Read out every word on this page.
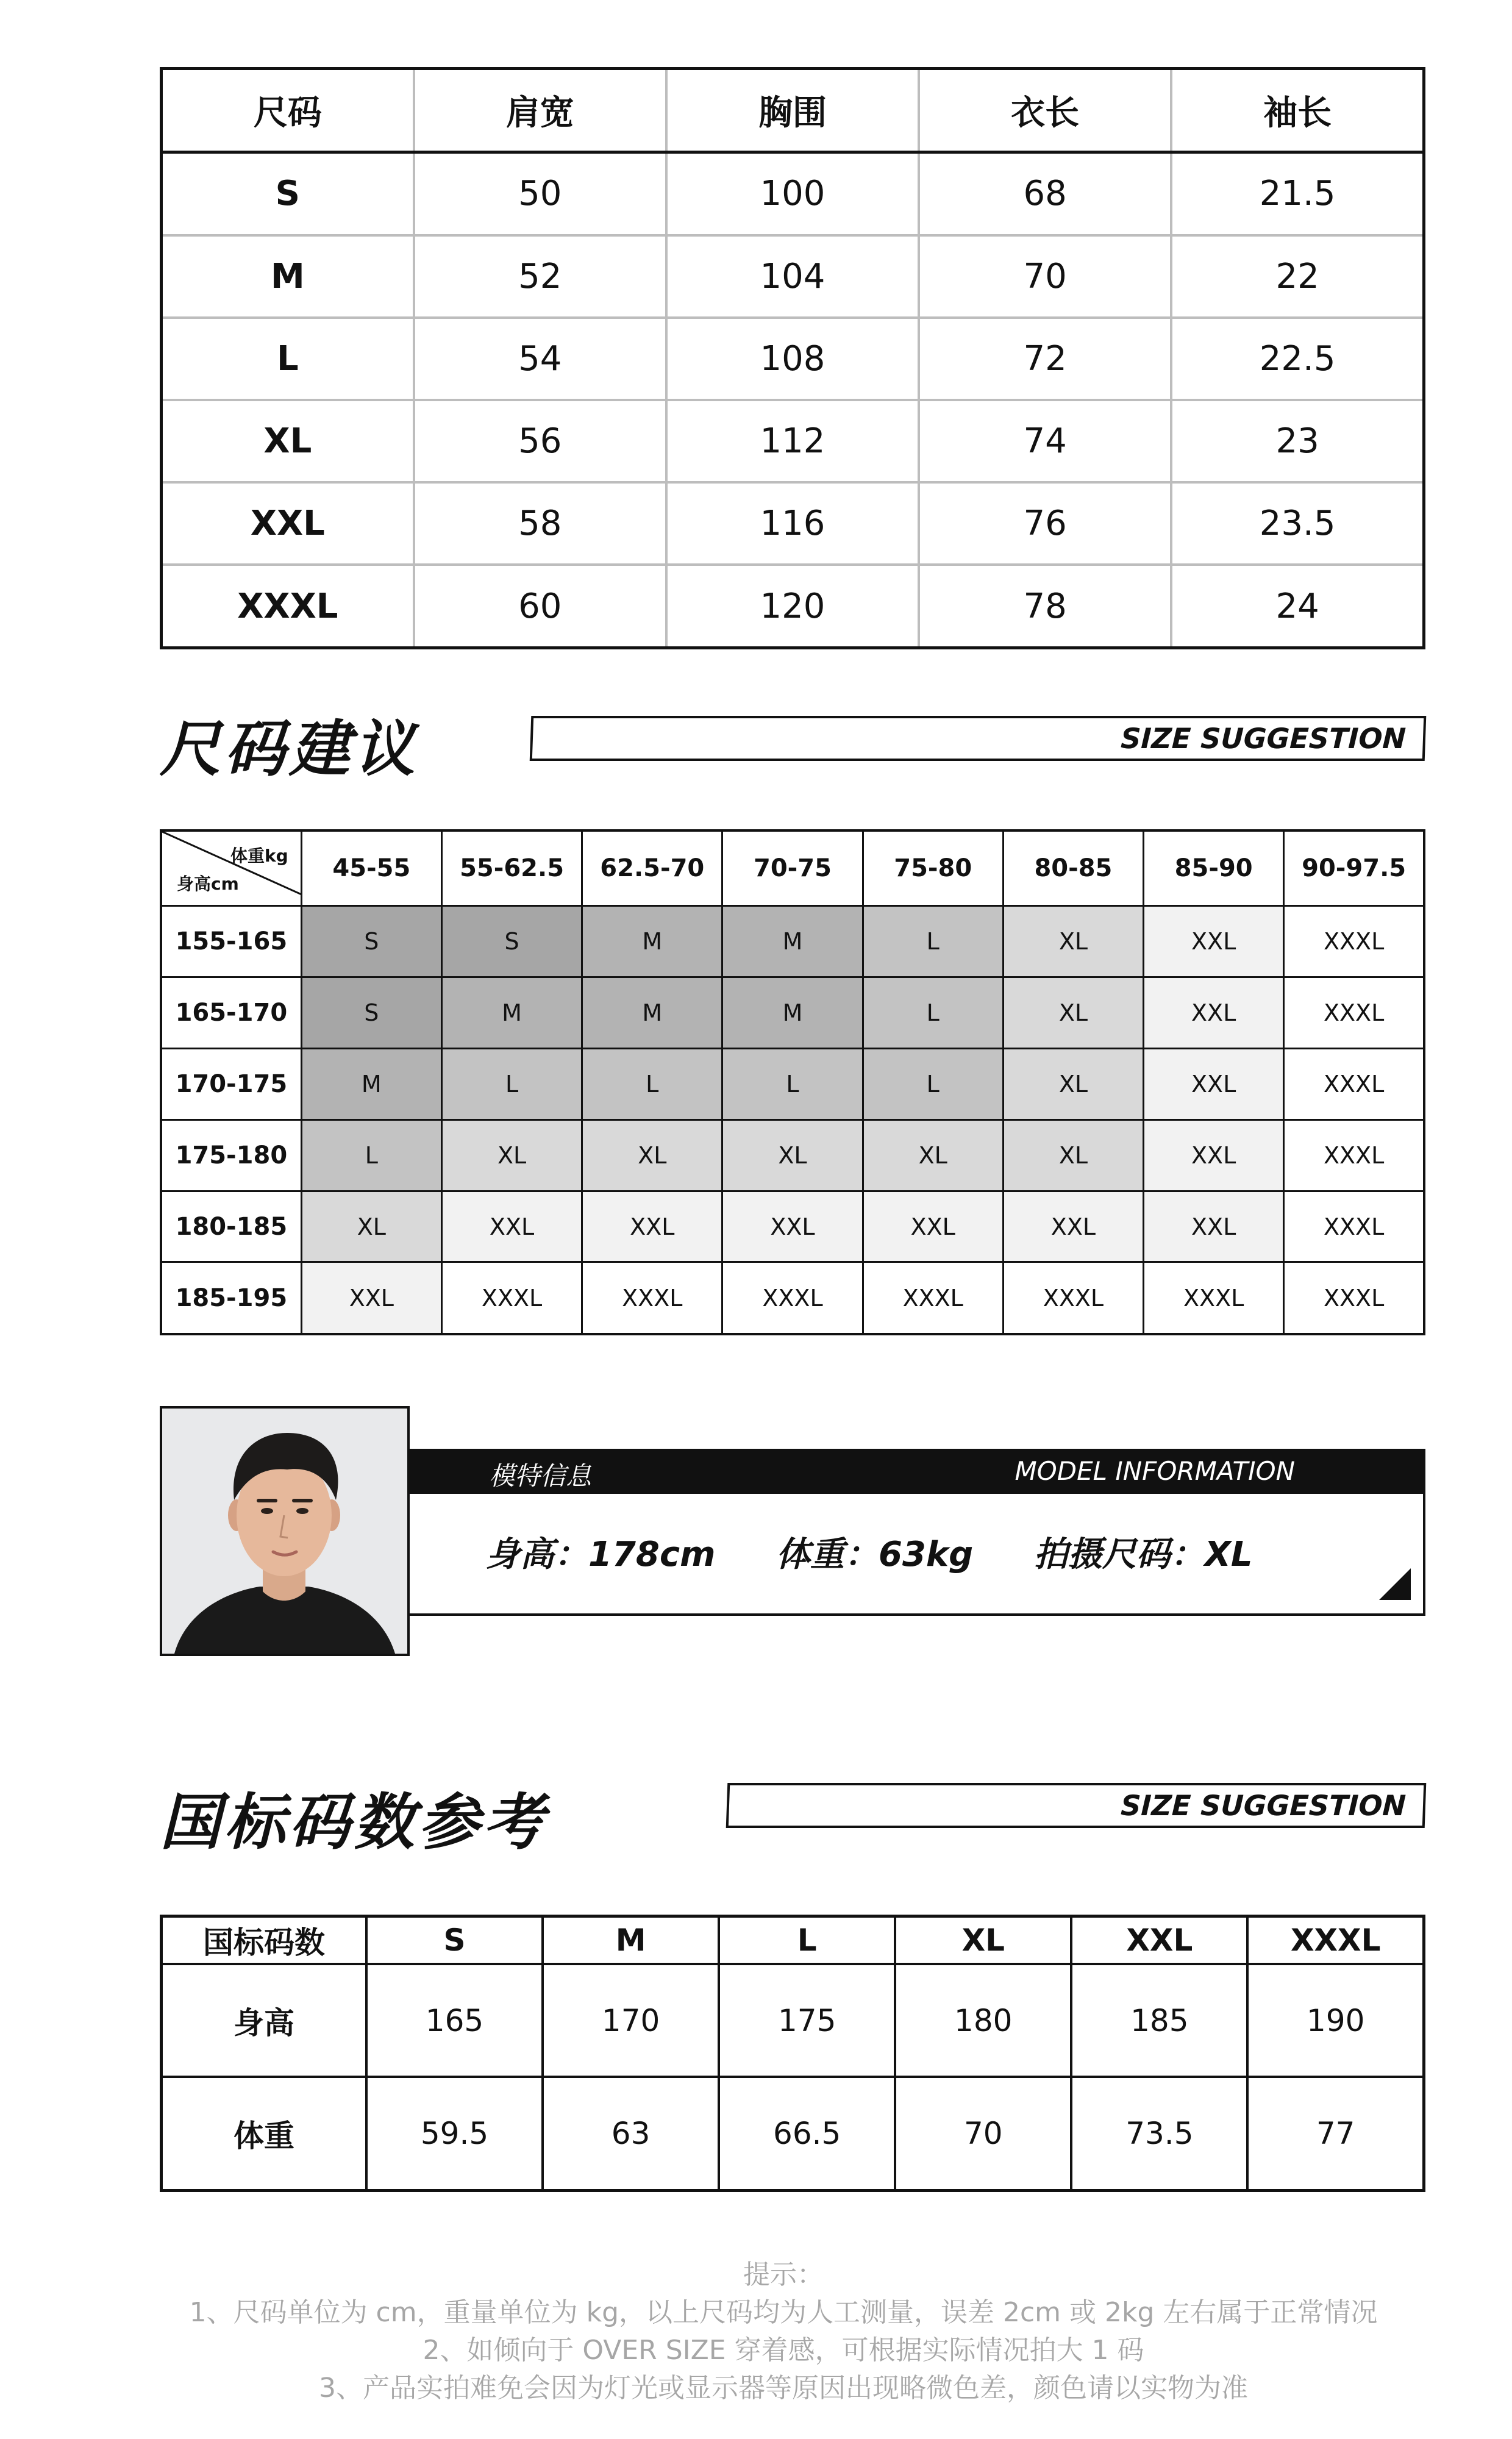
尺码	肩宽	胸围	衣长	袖长
S	50	100	68	21.5
M	52	104	70	22
L	54	108	72	22.5
XL	56	112	74	23
XXL	58	116	76	23.5
XXXL	60	120	78	24
尺码建议	SIZE SUGGESTION
体重kg
身高cm	45-55	55-62.5	62.5-70	70-75	75-80	80-85	85-90	90-97.5
155-165	S	S	M	M	L	XL	XXL	XXXL
165-170	S	M	M	M	L	XL	XXL	XXXL
170-175	M	L	L	L	L	XL	XXL	XXXL
175-180	L	XL	XL	XL	XL	XL	XXL	XXXL
180-185	XL	XXL	XXL	XXL	XXL	XXL	XXL	XXXL
185-195	XXL	XXXL	XXXL	XXXL	XXXL	XXXL	XXXL	XXXL
模特信息	MODEL INFORMATION
身高：178cm 体重：63kg 拍摄尺码：XL
国标码数参考	SIZE SUGGESTION
国标码数	S	M	L	XL	XXL	XXXL
身高	165	170	175	180	185	190
体重	59.5	63	66.5	70	73.5	77
提示：
1、尺码单位为 cm，重量单位为 kg，以上尺码均为人工测量，误差 2cm 或 2kg 左右属于正常情况
2、如倾向于 OVER SIZE 穿着感，可根据实际情况拍大 1 码
3、产品实拍难免会因为灯光或显示器等原因出现略微色差，颜色请以实物为准
